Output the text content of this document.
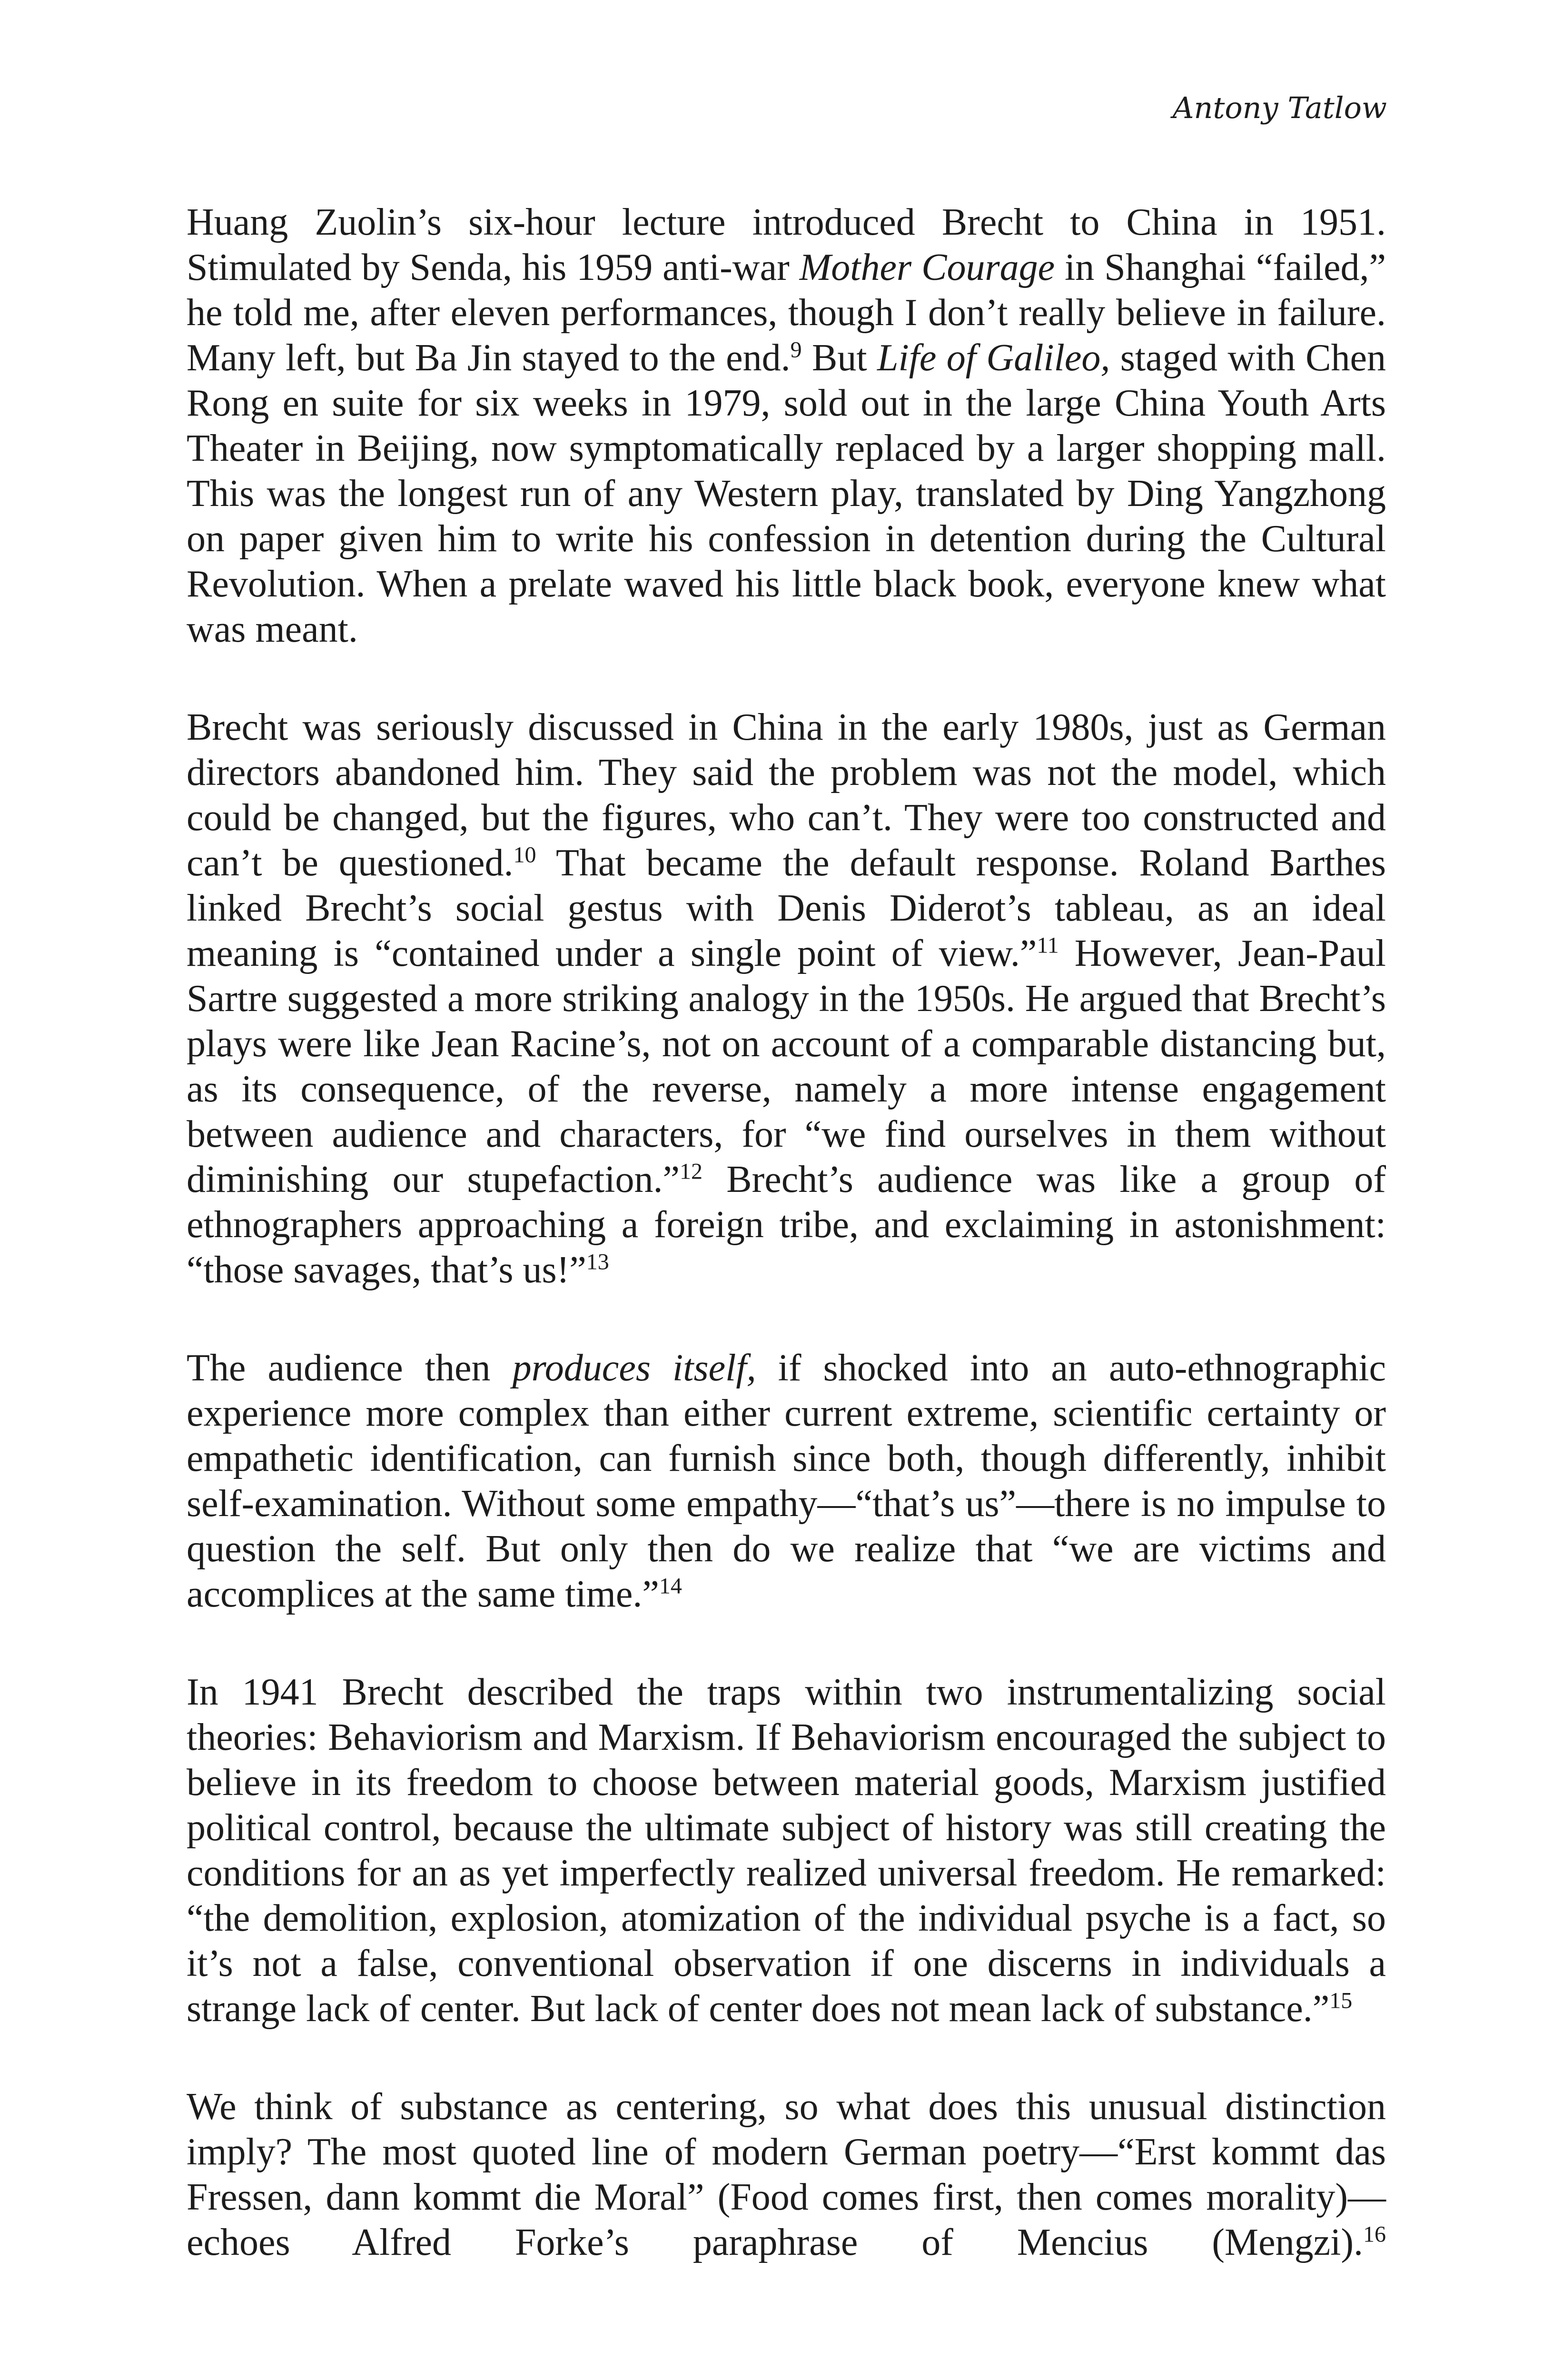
Antony Tatlow

Huang Zuolin’s six-hour lecture introduced Brecht to China in 1951. Stimulated by Senda, his 1959 anti-war Mother Courage in Shanghai “failed,” he told me, after eleven performances, though I don’t really believe in failure. Many left, but Ba Jin stayed to the end.$^9$ But Life of Galileo, staged with Chen Rong en suite for six weeks in 1979, sold out in the large China Youth Arts Theater in Beijing, now symptomatically replaced by a larger shopping mall. This was the longest run of any Western play, translated by Ding Yangzhong on paper given him to write his confession in detention during the Cultural Revolution. When a prelate waved his little black book, everyone knew what was meant.

Brecht was seriously discussed in China in the early 1980s, just as German directors abandoned him. They said the problem was not the model, which could be changed, but the figures, who can’t. They were too constructed and can’t be questioned.$^{10}$ That became the default response. Roland Barthes linked Brecht’s social gestus with Denis Diderot’s tableau, as an ideal meaning is “contained under a single point of view.”$^{11}$ However, Jean-Paul Sartre suggested a more striking analogy in the 1950s. He argued that Brecht’s plays were like Jean Racine’s, not on account of a comparable distancing but, as its consequence, of the reverse, namely a more intense engagement between audience and characters, for “we find ourselves in them without diminishing our stupefaction.”$^{12}$ Brecht’s audience was like a group of ethnographers approaching a foreign tribe, and exclaiming in astonishment: “those savages, that’s us!”$^{13}$

The audience then produces itself, if shocked into an auto-ethnographic experience more complex than either current extreme, scientific certainty or empathetic identification, can furnish since both, though differently, inhibit self-examination. Without some empathy—“that’s us”—there is no impulse to question the self. But only then do we realize that “we are victims and accomplices at the same time.”$^{14}$

In 1941 Brecht described the traps within two instrumentalizing social theories: Behaviorism and Marxism. If Behaviorism encouraged the subject to believe in its freedom to choose between material goods, Marxism justified political control, because the ultimate subject of history was still creating the conditions for an as yet imperfectly realized universal freedom. He remarked: “the demolition, explosion, atomization of the individual psyche is a fact, so it’s not a false, conventional observation if one discerns in individuals a strange lack of center. But lack of center does not mean lack of substance.”$^{15}$

We think of substance as centering, so what does this unusual distinction imply? The most quoted line of modern German poetry—“Erst kommt das Fressen, dann kommt die Moral” (Food comes first, then comes morality)—echoes Alfred Forke’s paraphrase of Mencius (Mengzi).$^{16}$
